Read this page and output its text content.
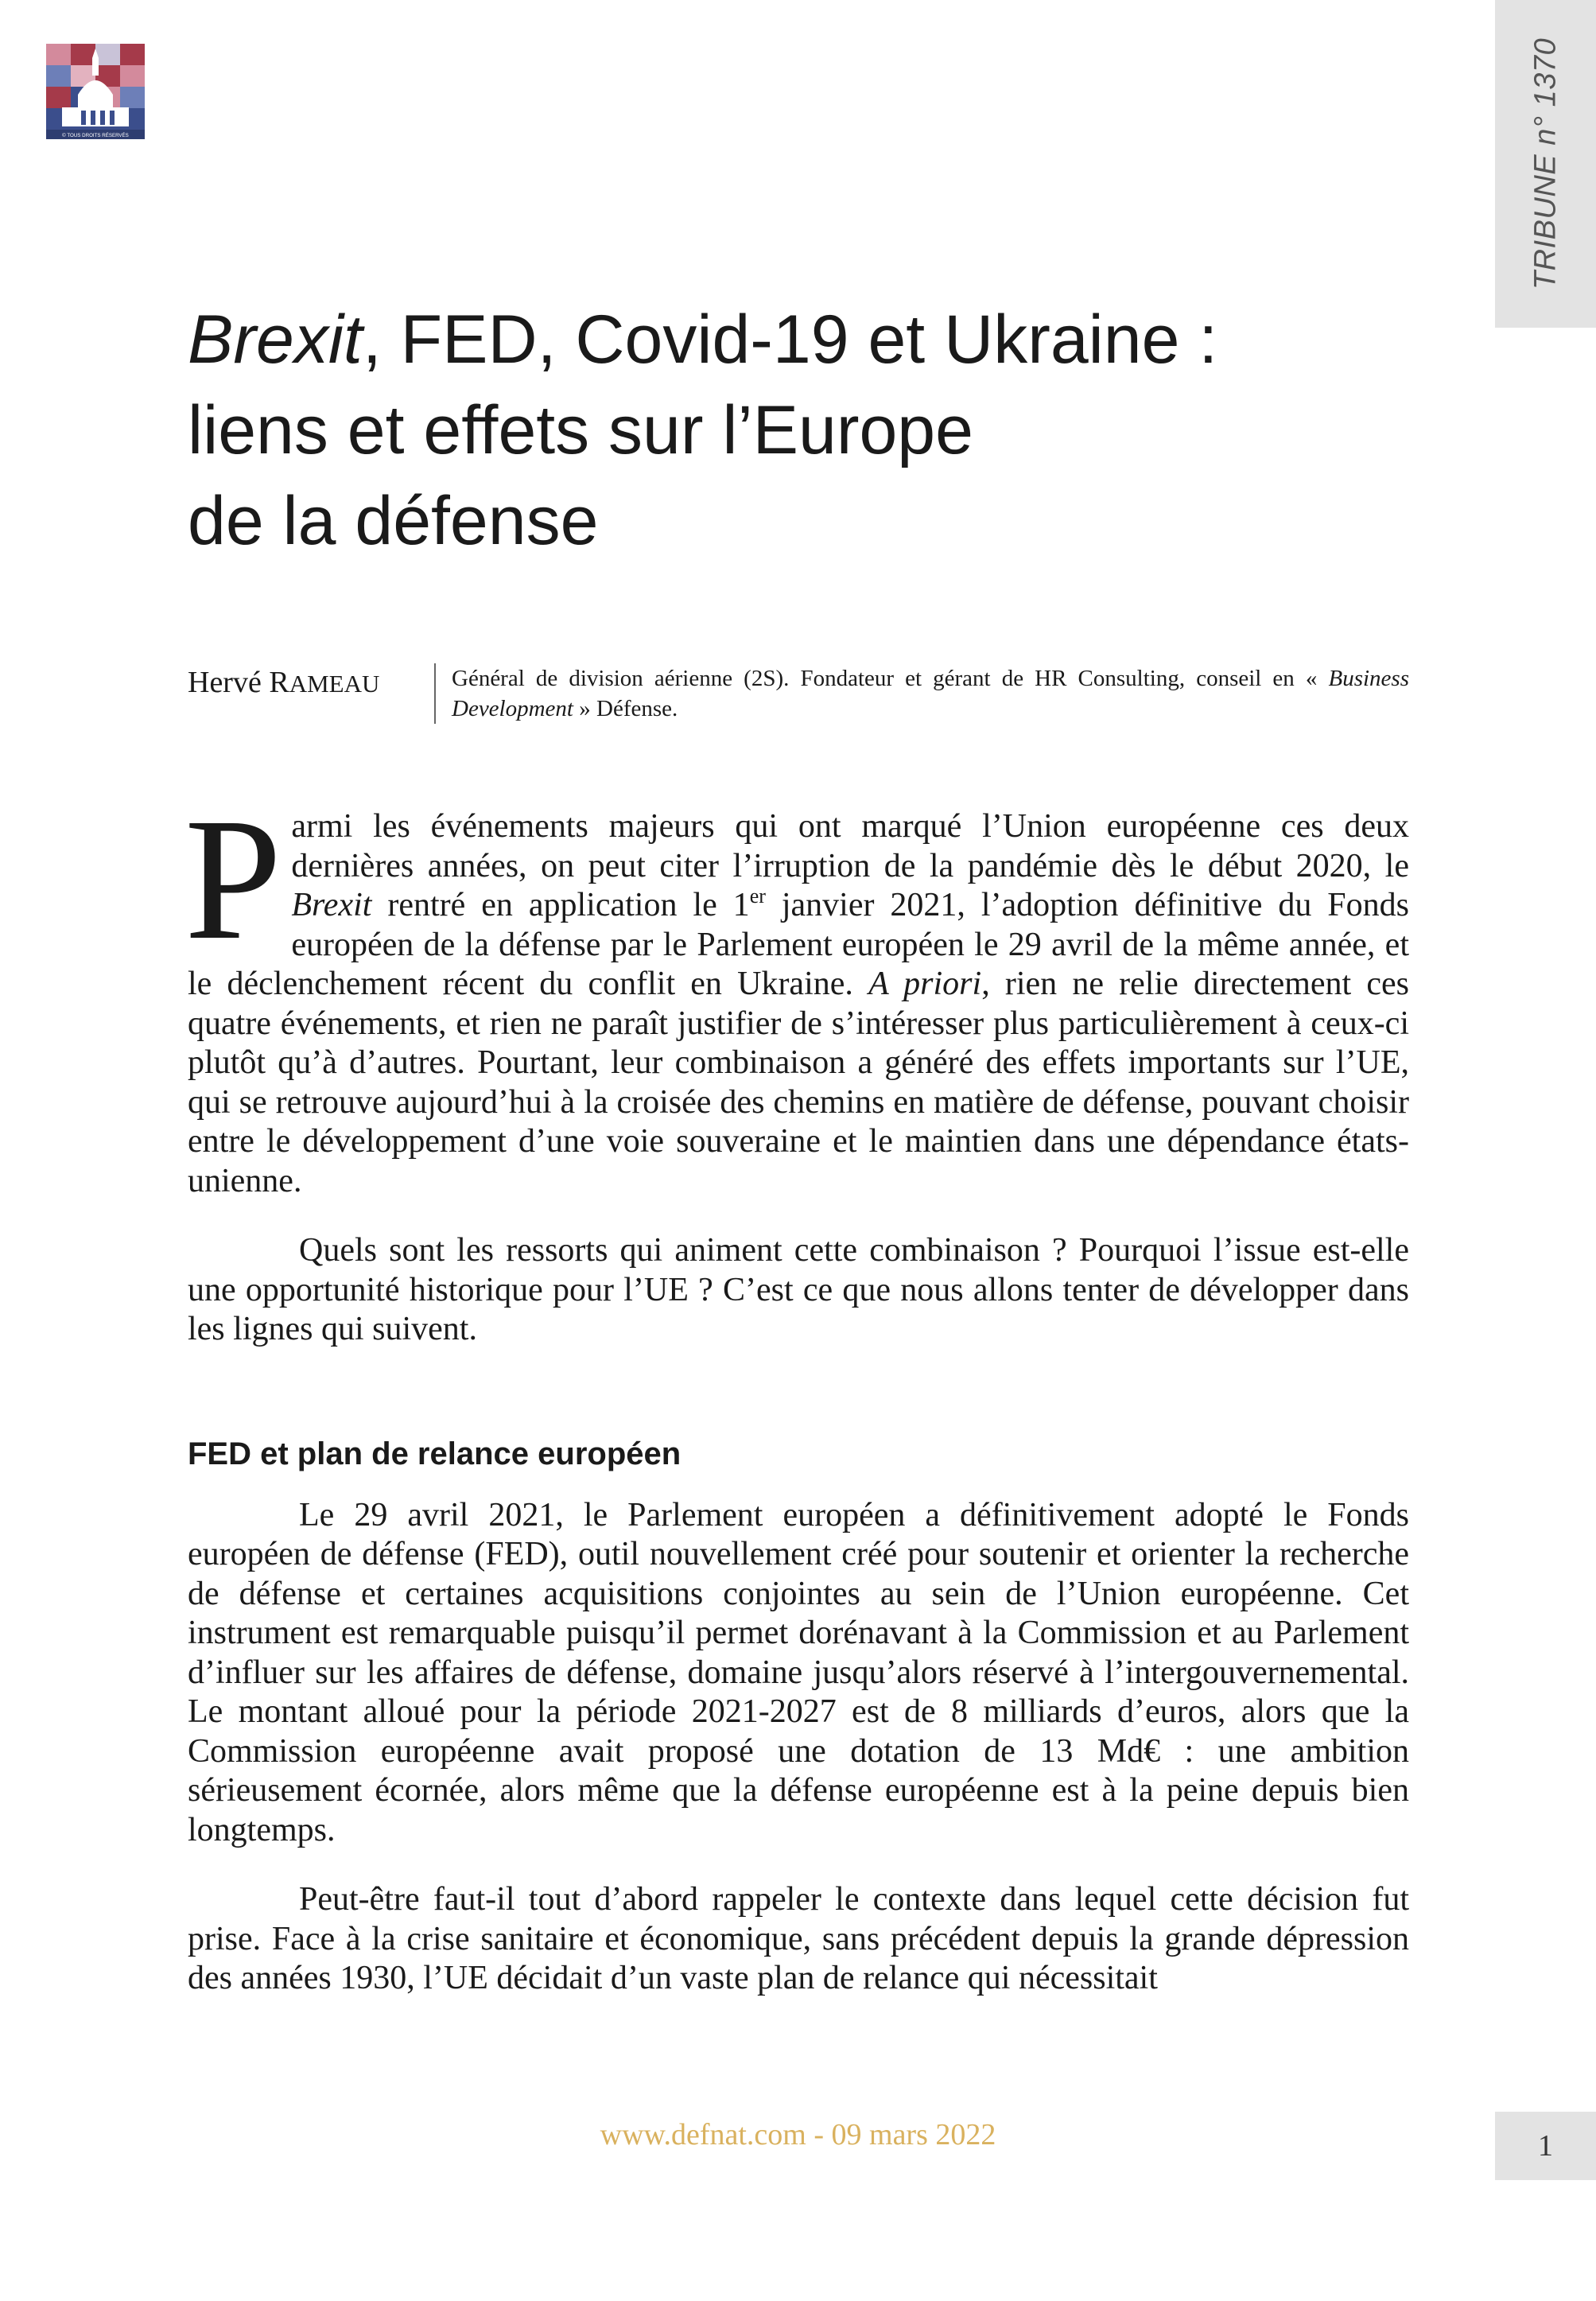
© TOUS DROITS RÉSERVÉS	TRIBUNE n° 1370
Brexit, FED, Covid-19 et Ukraine :
liens et effets sur l’Europe
de la défense
Hervé RAMEAU	Général de division aérienne (2S). Fondateur et gérant de HR Consulting, conseil en « Business Development » Défense.

Parmi les événements majeurs qui ont marqué l’Union européenne ces deux dernières années, on peut citer l’irruption de la pandémie dès le début 2020, le Brexit rentré en application le 1er janvier 2021, l’adoption définitive du Fonds européen de la défense par le Parlement européen le 29 avril de la même année, et le déclenchement récent du conflit en Ukraine. A priori, rien ne relie directement ces quatre événements, et rien ne paraît justifier de s’intéresser plus particulièrement à ceux-ci plutôt qu’à d’autres. Pourtant, leur combinaison a généré des effets importants sur l’UE, qui se retrouve aujourd’hui à la croisée des chemins en matière de défense, pouvant choisir entre le développement d’une voie souveraine et le maintien dans une dépendance états-unienne.

Quels sont les ressorts qui animent cette combinaison ? Pourquoi l’issue est-elle une opportunité historique pour l’UE ? C’est ce que nous allons tenter de développer dans les lignes qui suivent.

FED et plan de relance européen

Le 29 avril 2021, le Parlement européen a définitivement adopté le Fonds européen de défense (FED), outil nouvellement créé pour soutenir et orienter la recherche de défense et certaines acquisitions conjointes au sein de l’Union européenne. Cet instrument est remarquable puisqu’il permet dorénavant à la Commission et au Parlement d’influer sur les affaires de défense, domaine jusqu’alors réservé à l’intergouvernemental. Le montant alloué pour la période 2021-2027 est de 8 milliards d’euros, alors que la Commission européenne avait proposé une dotation de 13 Md€ : une ambition sérieusement écornée, alors même que la défense européenne est à la peine depuis bien longtemps.

Peut-être faut-il tout d’abord rappeler le contexte dans lequel cette décision fut prise. Face à la crise sanitaire et économique, sans précédent depuis la grande dépression des années 1930, l’UE décidait d’un vaste plan de relance qui nécessitait

www.defnat.com - 09 mars 2022	1
